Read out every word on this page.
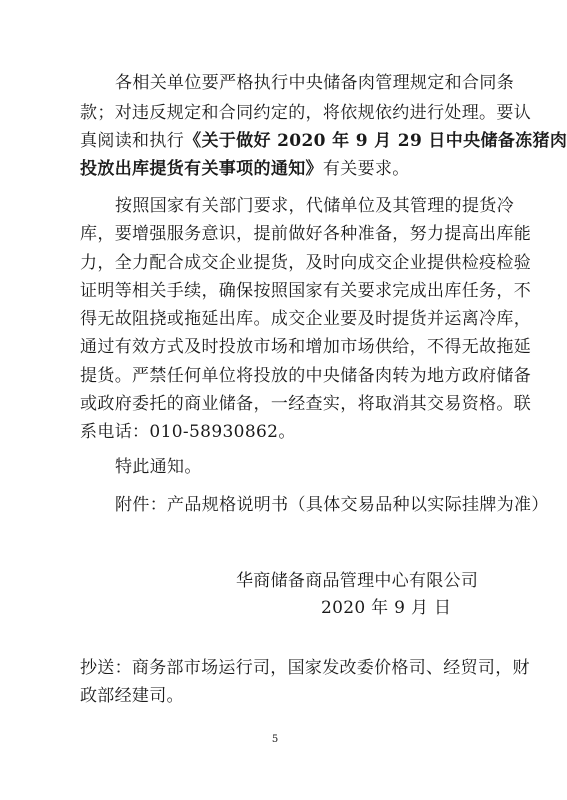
各相关单位要严格执行中央储备肉管理规定和合同条
款；对违反规定和合同约定的，将依规依约进行处理。要认
真阅读和执行《关于做好 2020 年 9 月 29 日中央储备冻猪肉
投放出库提货有关事项的通知》有关要求。
按照国家有关部门要求，代储单位及其管理的提货冷
库，要增强服务意识，提前做好各种准备，努力提高出库能
力，全力配合成交企业提货，及时向成交企业提供检疫检验
证明等相关手续，确保按照国家有关要求完成出库任务，不
得无故阻挠或拖延出库。成交企业要及时提货并运离冷库，
通过有效方式及时投放市场和增加市场供给，不得无故拖延
提货。严禁任何单位将投放的中央储备肉转为地方政府储备
或政府委托的商业储备，一经查实，将取消其交易资格。联
系电话：010-58930862。
特此通知。
附件：产品规格说明书（具体交易品种以实际挂牌为准）
华商储备商品管理中心有限公司
2020 年 9 月 日
抄送：商务部市场运行司，国家发改委价格司、经贸司，财
政部经建司。
5
